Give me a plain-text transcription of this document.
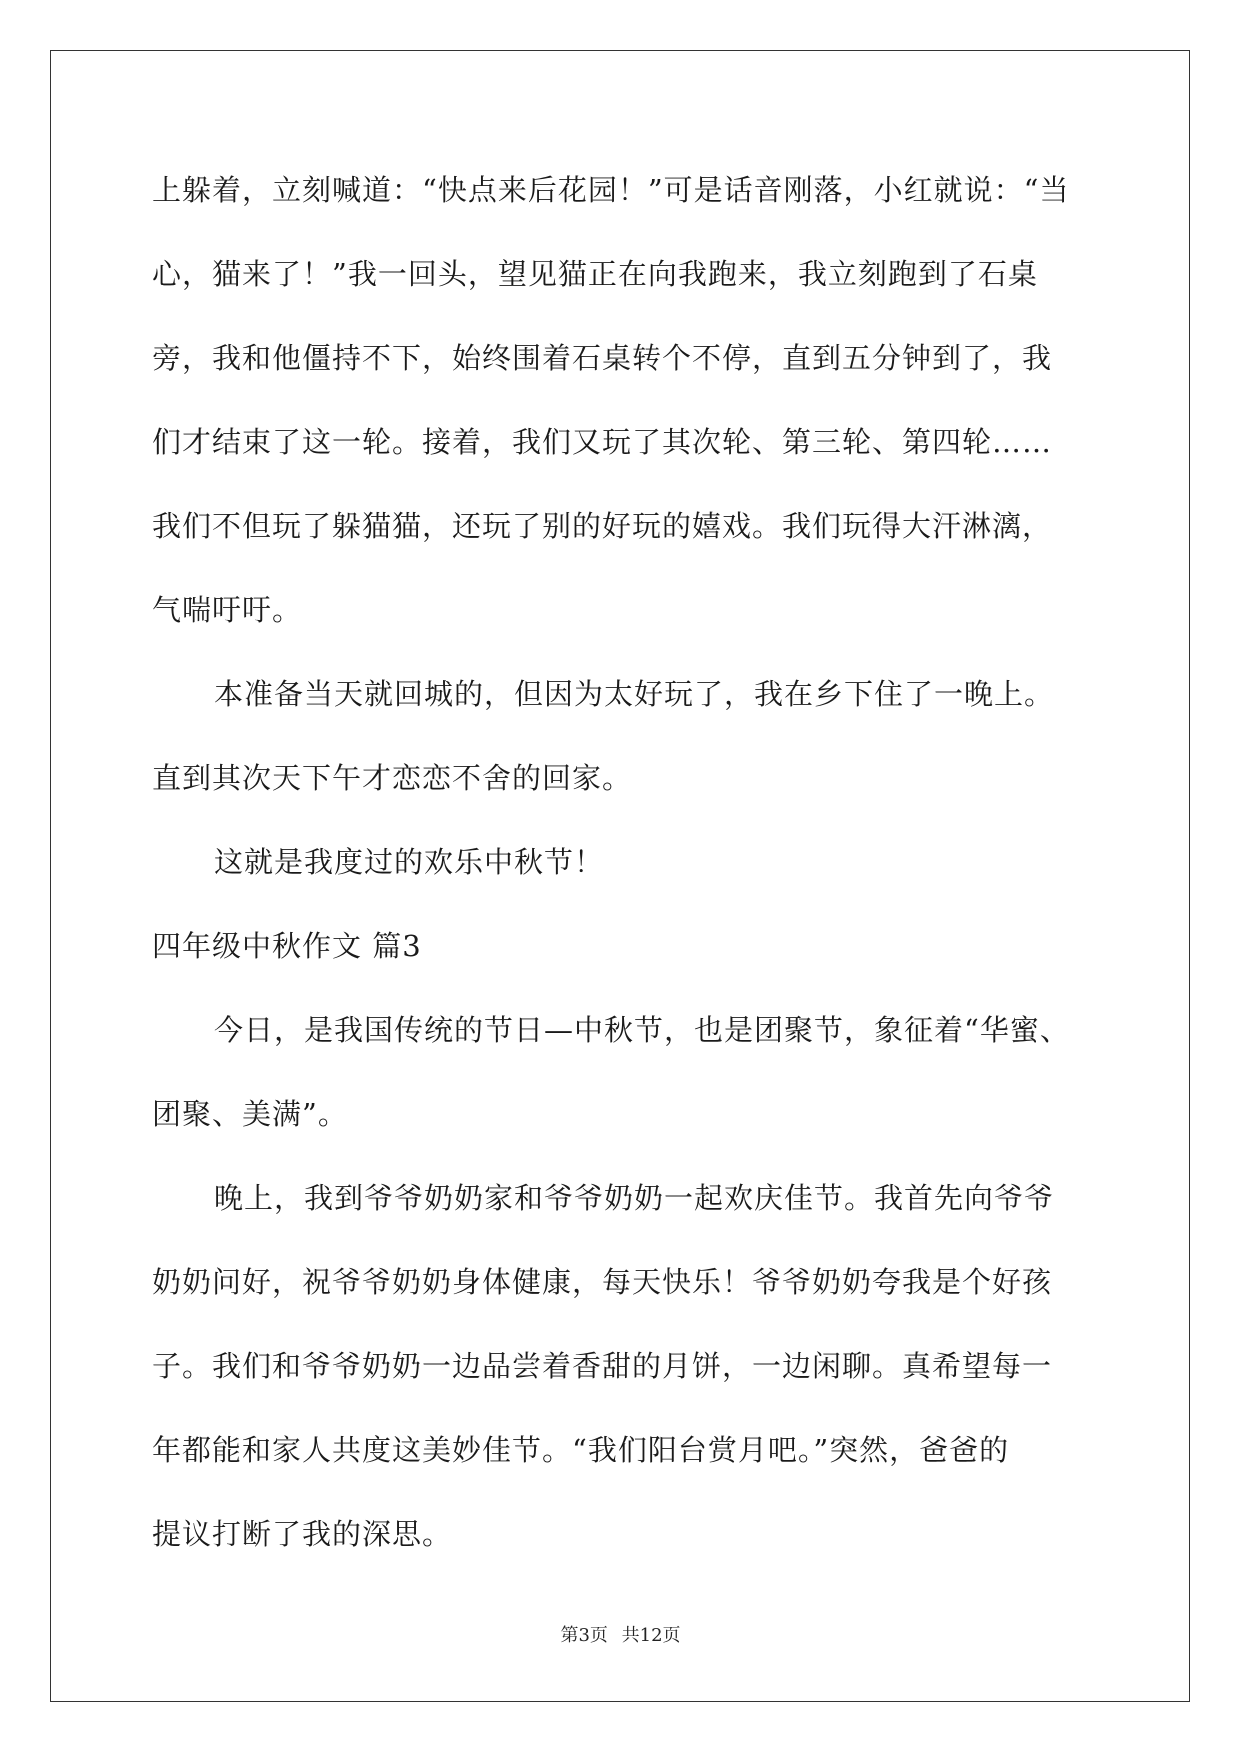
上躲着，立刻喊道：“快点来后花园！”可是话音刚落，小红就说：“当
心，猫来了！”我一回头，望见猫正在向我跑来，我立刻跑到了石桌
旁，我和他僵持不下，始终围着石桌转个不停，直到五分钟到了，我
们才结束了这一轮。接着，我们又玩了其次轮、第三轮、第四轮……
我们不但玩了躲猫猫，还玩了别的好玩的嬉戏。我们玩得大汗淋漓，
气喘吁吁。
本准备当天就回城的，但因为太好玩了，我在乡下住了一晚上。
直到其次天下午才恋恋不舍的回家。
这就是我度过的欢乐中秋节！
四年级中秋作文 篇3
今日，是我国传统的节日—中秋节，也是团聚节，象征着“华蜜、
团聚、美满”。
晚上，我到爷爷奶奶家和爷爷奶奶一起欢庆佳节。我首先向爷爷
奶奶问好，祝爷爷奶奶身体健康，每天快乐！爷爷奶奶夸我是个好孩
子。我们和爷爷奶奶一边品尝着香甜的月饼，一边闲聊。真希望每一
年都能和家人共度这美妙佳节。“我们阳台赏月吧。”突然，爸爸的
提议打断了我的深思。
第3页 共12页
